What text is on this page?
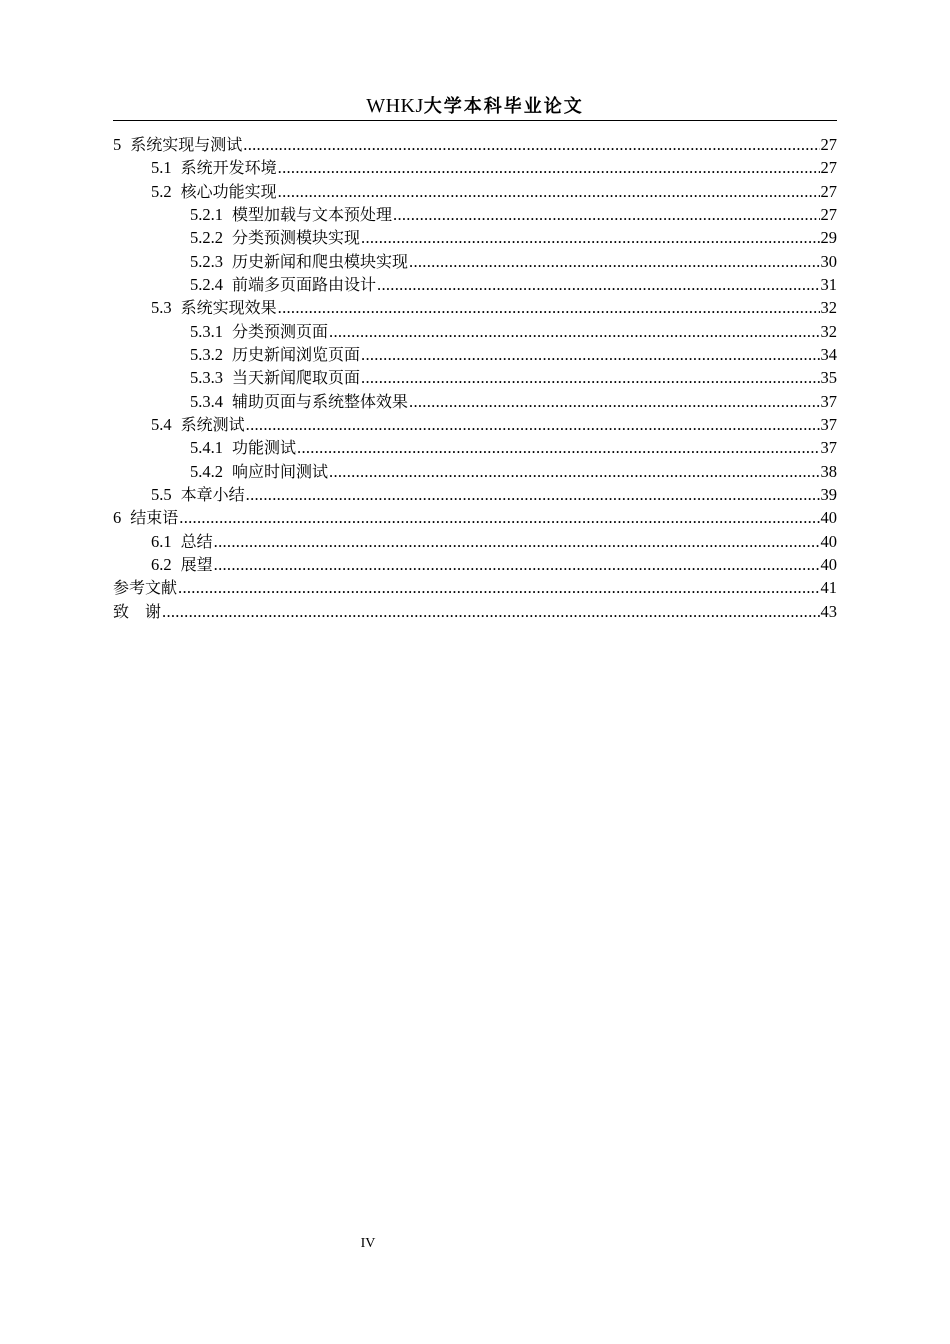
WHKJ大学本科毕业论文
5 系统实现与测试 .....	27
5.1 系统开发环境 .....	27
5.2 核心功能实现 .....	27
5.2.1 模型加载与文本预处理 .....	27
5.2.2 分类预测模块实现 .....	29
5.2.3 历史新闻和爬虫模块实现 .....	30
5.2.4 前端多页面路由设计 .....	31
5.3 系统实现效果 .....	32
5.3.1 分类预测页面 .....	32
5.3.2 历史新闻浏览页面 .....	34
5.3.3 当天新闻爬取页面 .....	35
5.3.4 辅助页面与系统整体效果 .....	37
5.4 系统测试 .....	37
5.4.1 功能测试 .....	37
5.4.2 响应时间测试 .....	38
5.5 本章小结 .....	39
6 结束语 .....	40
6.1 总结 .....	40
6.2 展望 .....	40
参考文献 .....	41
致　谢 .....	43
IV
